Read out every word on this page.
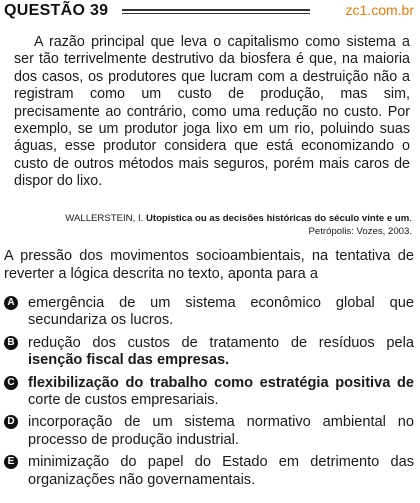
QUESTÃO 39	zc1.com.br

A razão principal que leva o capitalismo como sistema a ser tão terrivelmente destrutivo da biosfera é que, na maioria dos casos, os produtores que lucram com a destruição não a registram como um custo de produção, mas sim, precisamente ao contrário, como uma redução no custo. Por exemplo, se um produtor joga lixo em um rio, poluindo suas águas, esse produtor considera que está economizando o custo de outros métodos mais seguros, porém mais caros de dispor do lixo.

WALLERSTEIN, I. Utopística ou as decisões históricas do século vinte e um.
Petrópolis: Vozes, 2003.
A pressão dos movimentos socioambientais, na tentativa de reverter a lógica descrita no texto, aponta para a
A emergência de um sistema econômico global que secundariza os lucros.
B redução dos custos de tratamento de resíduos pela isenção fiscal das empresas.
C flexibilização do trabalho como estratégia positiva de corte de custos empresariais.
D incorporação de um sistema normativo ambiental no processo de produção industrial.
E minimização do papel do Estado em detrimento das organizações não governamentais.
